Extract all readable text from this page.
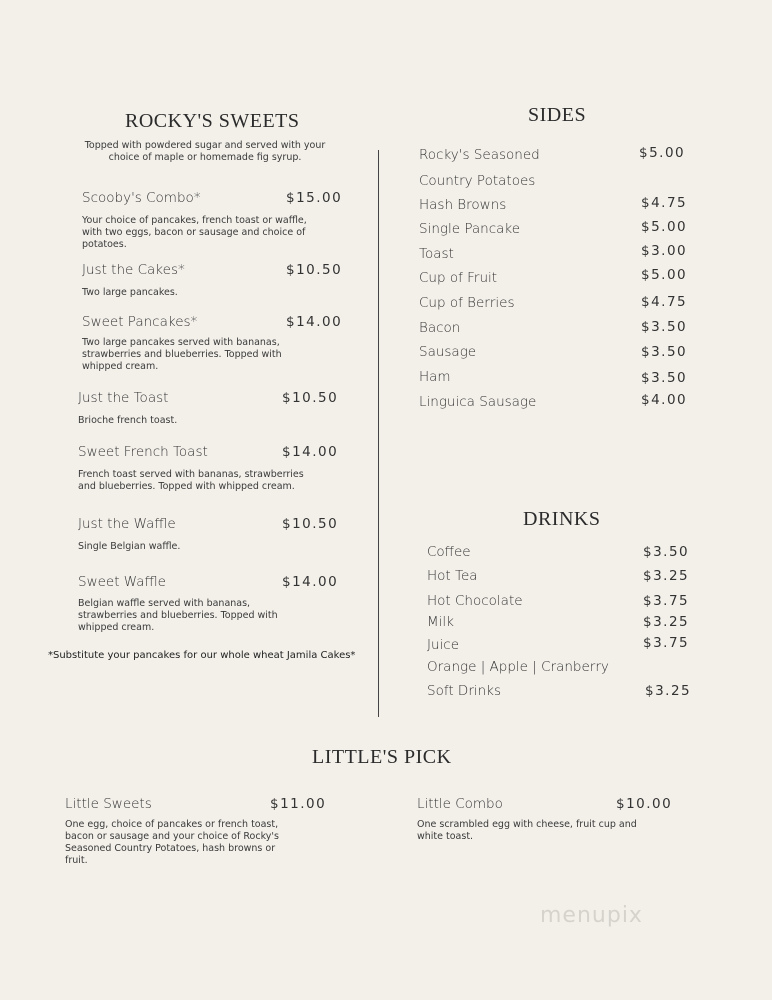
ROCKY'S SWEETS
Topped with powdered sugar and served with your choice of maple or homemade fig syrup.
Scooby's Combo*	$15.00
Your choice of pancakes, french toast or waffle, with two eggs, bacon or sausage and choice of potatoes.
Just the Cakes*	$10.50
Two large pancakes.
Sweet Pancakes*	$14.00
Two large pancakes served with bananas, strawberries and blueberries. Topped with whipped cream.
Just the Toast	$10.50
Brioche french toast.
Sweet French Toast	$14.00
French toast served with bananas, strawberries and blueberries. Topped with whipped cream.
Just the Waffle	$10.50
Single Belgian waffle.
Sweet Waffle	$14.00
Belgian waffle served with bananas, strawberries and blueberries. Topped with whipped cream.
*Substitute your pancakes for our whole wheat Jamila Cakes*
SIDES
Rocky's Seasoned	$5.00
Country Potatoes
Hash Browns	$4.75
Single Pancake	$5.00
Toast	$3.00
Cup of Fruit	$5.00
Cup of Berries	$4.75
Bacon	$3.50
Sausage	$3.50
Ham	$3.50
Linguica Sausage	$4.00
DRINKS
Coffee	$3.50
Hot Tea	$3.25
Hot Chocolate	$3.75
Milk	$3.25
Juice	$3.75
Orange | Apple | Cranberry
Soft Drinks	$3.25
LITTLE'S PICK
Little Sweets	$11.00
One egg, choice of pancakes or french toast, bacon or sausage and your choice of Rocky's Seasoned Country Potatoes, hash browns or fruit.
Little Combo	$10.00
One scrambled egg with cheese, fruit cup and white toast.
menupix
